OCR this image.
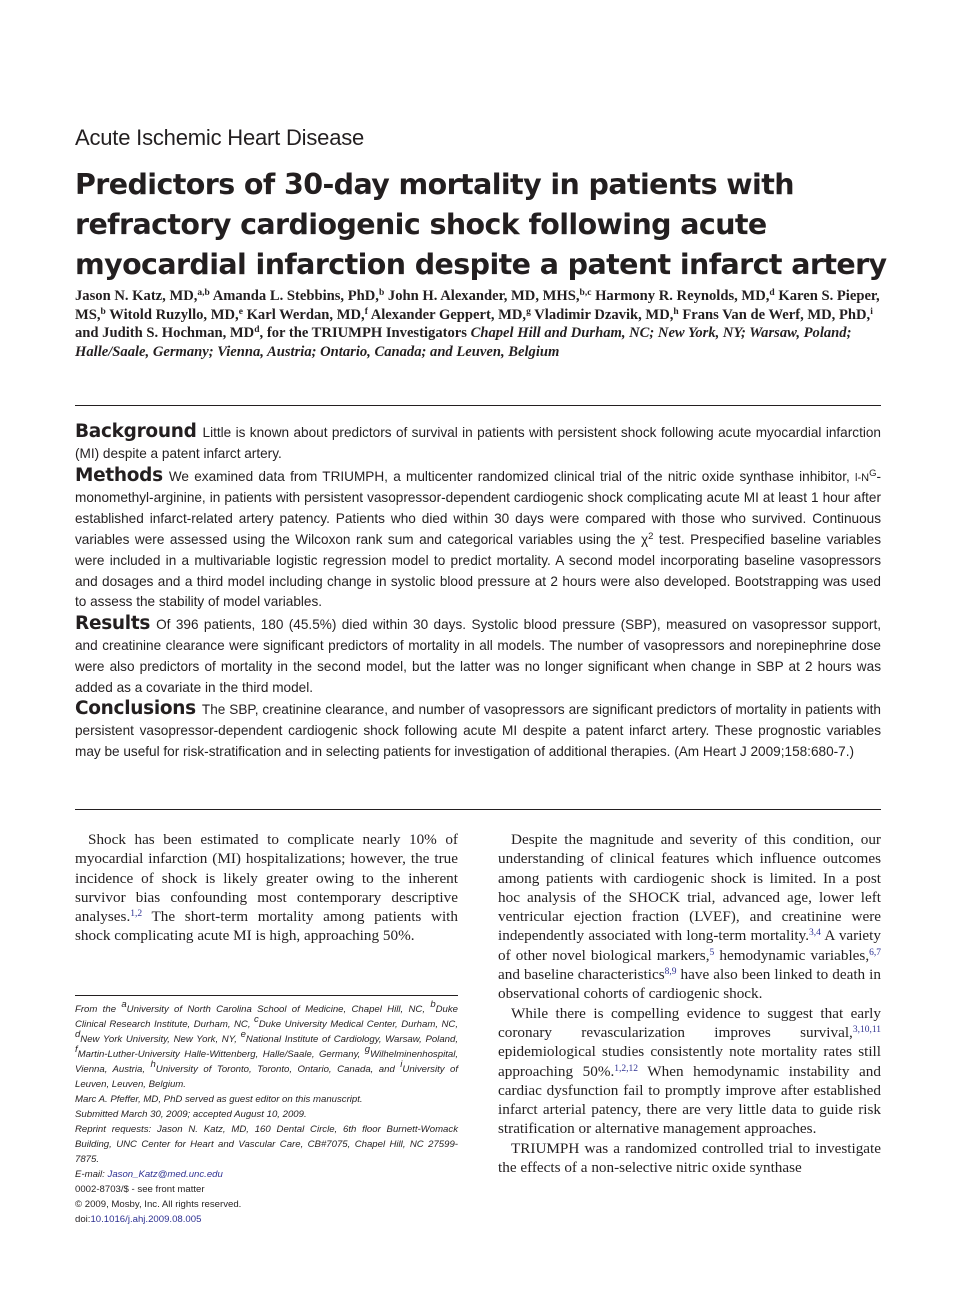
Acute Ischemic Heart Disease
Predictors of 30-day mortality in patients with
refractory cardiogenic shock following acute
myocardial infarction despite a patent infarct artery
Jason N. Katz, MD,$^{a,b}$ Amanda L. Stebbins, PhD,$^b$ John H. Alexander, MD, MHS,$^{b,c}$ Harmony R. Reynolds, MD,$^d$ Karen S. Pieper, MS,$^b$ Witold Ruzyllo, MD,$^e$ Karl Werdan, MD,$^f$ Alexander Geppert, MD,$^g$ Vladimir Dzavik, MD,$^h$ Frans Van de Werf, MD, PhD,$^i$ and Judith S. Hochman, $MD^d$, for the TRIUMPH Investigators Chapel Hill and Durham, NC; New York, NY; Warsaw, Poland; Halle/Saale, Germany; Vienna, Austria; Ontario, Canada; and Leuven, Belgium

Background Little is known about predictors of survival in patients with persistent shock following acute myocardial infarction (MI) despite a patent infarct artery.

Methods We examined data from TRIUMPH, a multicenter randomized clinical trial of the nitric oxide synthase inhibitor, $l-N^G-monomethyl$-arginine, in patients with persistent vasopressor-dependent cardiogenic shock complicating acute MI at least 1 hour after established infarct-related artery patency. Patients who died within 30 days were compared with those who survived. Continuous variables were assessed using the Wilcoxon rank sum and categorical variables using the $\chi^2$ test. Prespecified baseline variables were included in a multivariable logistic regression model to predict mortality. A second model incorporating baseline vasopressors and dosages and a third model including change in systolic blood pressure at 2 hours were also developed. Bootstrapping was used to assess the stability of model variables.

Results Of 396 patients, 180 (45.5%) died within 30 days. Systolic blood pressure (SBP), measured on vasopressor support, and creatinine clearance were significant predictors of mortality in all models. The number of vasopressors and norepinephrine dose were also predictors of mortality in the second model, but the latter was no longer significant when change in SBP at 2 hours was added as a covariate in the third model.

Conclusions The SBP, creatinine clearance, and number of vasopressors are significant predictors of mortality in patients with persistent vasopressor-dependent cardiogenic shock following acute MI despite a patent infarct artery. These prognostic variables may be useful for risk-stratification and in selecting patients for investigation of additional therapies. (Am Heart J 2009;158:680-7.)

Shock has been estimated to complicate nearly 10% of myocardial infarction (MI) hospitalizations; however, the true incidence of shock is likely greater owing to the inherent survivor bias confounding most contemporary descriptive analyses.$^{1,2}$ The short-term mortality among patients with shock complicating acute MI is high, approaching 50%.

From the $^a$University of North Carolina School of Medicine, Chapel Hill, NC, $^b$Duke Clinical Research Institute, Durham, NC, $^c$Duke University Medical Center, Durham, NC, $^d$New York University, New York, NY, $^e$National Institute of Cardiology, Warsaw, Poland, $^f$Martin-Luther-University Halle-Wittenberg, Halle/Saale, Germany, $^g$Wilhelminenhospital, Vienna, Austria, $^h$University of Toronto, Toronto, Ontario, Canada, and $^i$University of Leuven, Leuven, Belgium.

Marc A. Pfeffer, MD, PhD served as guest editor on this manuscript.

Submitted March 30, 2009; accepted August 10, 2009.

Reprint requests: Jason N. Katz, MD, 160 Dental Circle, 6th floor Burnett-Womack Building, UNC Center for Heart and Vascular Care, CB#7075, Chapel Hill, NC 27599-7875.

E-mail: Jason_Katz@med.unc.edu

0002-8703/$ - see front matter

© 2009, Mosby, Inc. All rights reserved.

doi:10.1016/j.ahj.2009.08.005

Despite the magnitude and severity of this condition, our understanding of clinical features which influence outcomes among patients with cardiogenic shock is limited. In a post hoc analysis of the SHOCK trial, advanced age, lower left ventricular ejection fraction (LVEF), and creatinine were independently associated with long-term mortality.$^{3,4}$ A variety of other novel biological markers,$^5$ hemodynamic variables,$^{6,7}$ and baseline characteristics$^{8,9}$ have also been linked to death in observational cohorts of cardiogenic shock.

While there is compelling evidence to suggest that early coronary revascularization improves survival,$^{3,10,11}$ epidemiological studies consistently note mortality rates still approaching 50%.$^{1,2,12}$ When hemodynamic instability and cardiac dysfunction fail to promptly improve after established infarct arterial patency, there are very little data to guide risk stratification or alternative management approaches.

TRIUMPH was a randomized controlled trial to investigate the effects of a non-selective nitric oxide synthase
